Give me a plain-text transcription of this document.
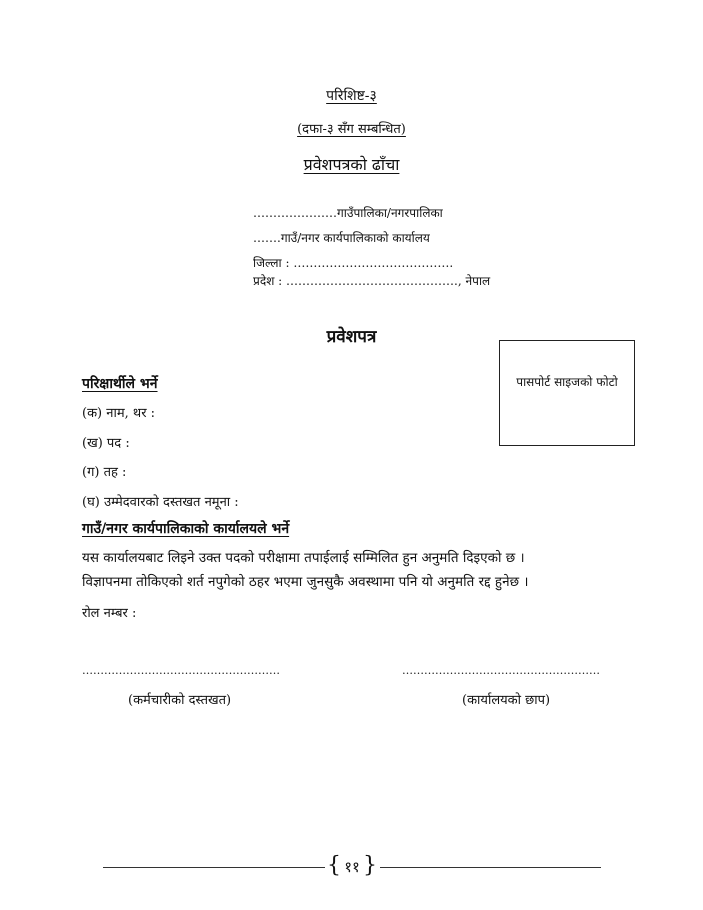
परिशिष्ट-३
(दफा-३ सँग सम्बन्धित)
प्रवेशपत्रको ढाँचा
…………………गाउँपालिका/नगरपालिका
…….गाउँ/नगर कार्यपालिकाको कार्यालय
जिल्ला : ………………………………….
प्रदेश : ……………………………………., नेपाल
प्रवेशपत्र
पासपोर्ट साइजको फोटो
परिक्षार्थीले भर्ने
(क) नाम, थर :
(ख) पद :
(ग) तह :
(घ) उम्मेदवारको दस्तखत नमूना :
गाउँ/नगर कार्यपालिकाको कार्यालयले भर्ने
यस कार्यालयबाट लिइने उक्त पदको परीक्षामा तपाईलाई सम्मिलित हुन अनुमति दिइएको छ ।
विज्ञापनमा तोकिएको शर्त नपुगेको ठहर भएमा जुनसुकै अवस्थामा पनि यो अनुमति रद्द हुनेछ ।
रोल नम्बर :
………………………………………………	………………………………………………
(कर्मचारीको दस्तखत)	(कार्यालयको छाप)
{ ११ }
